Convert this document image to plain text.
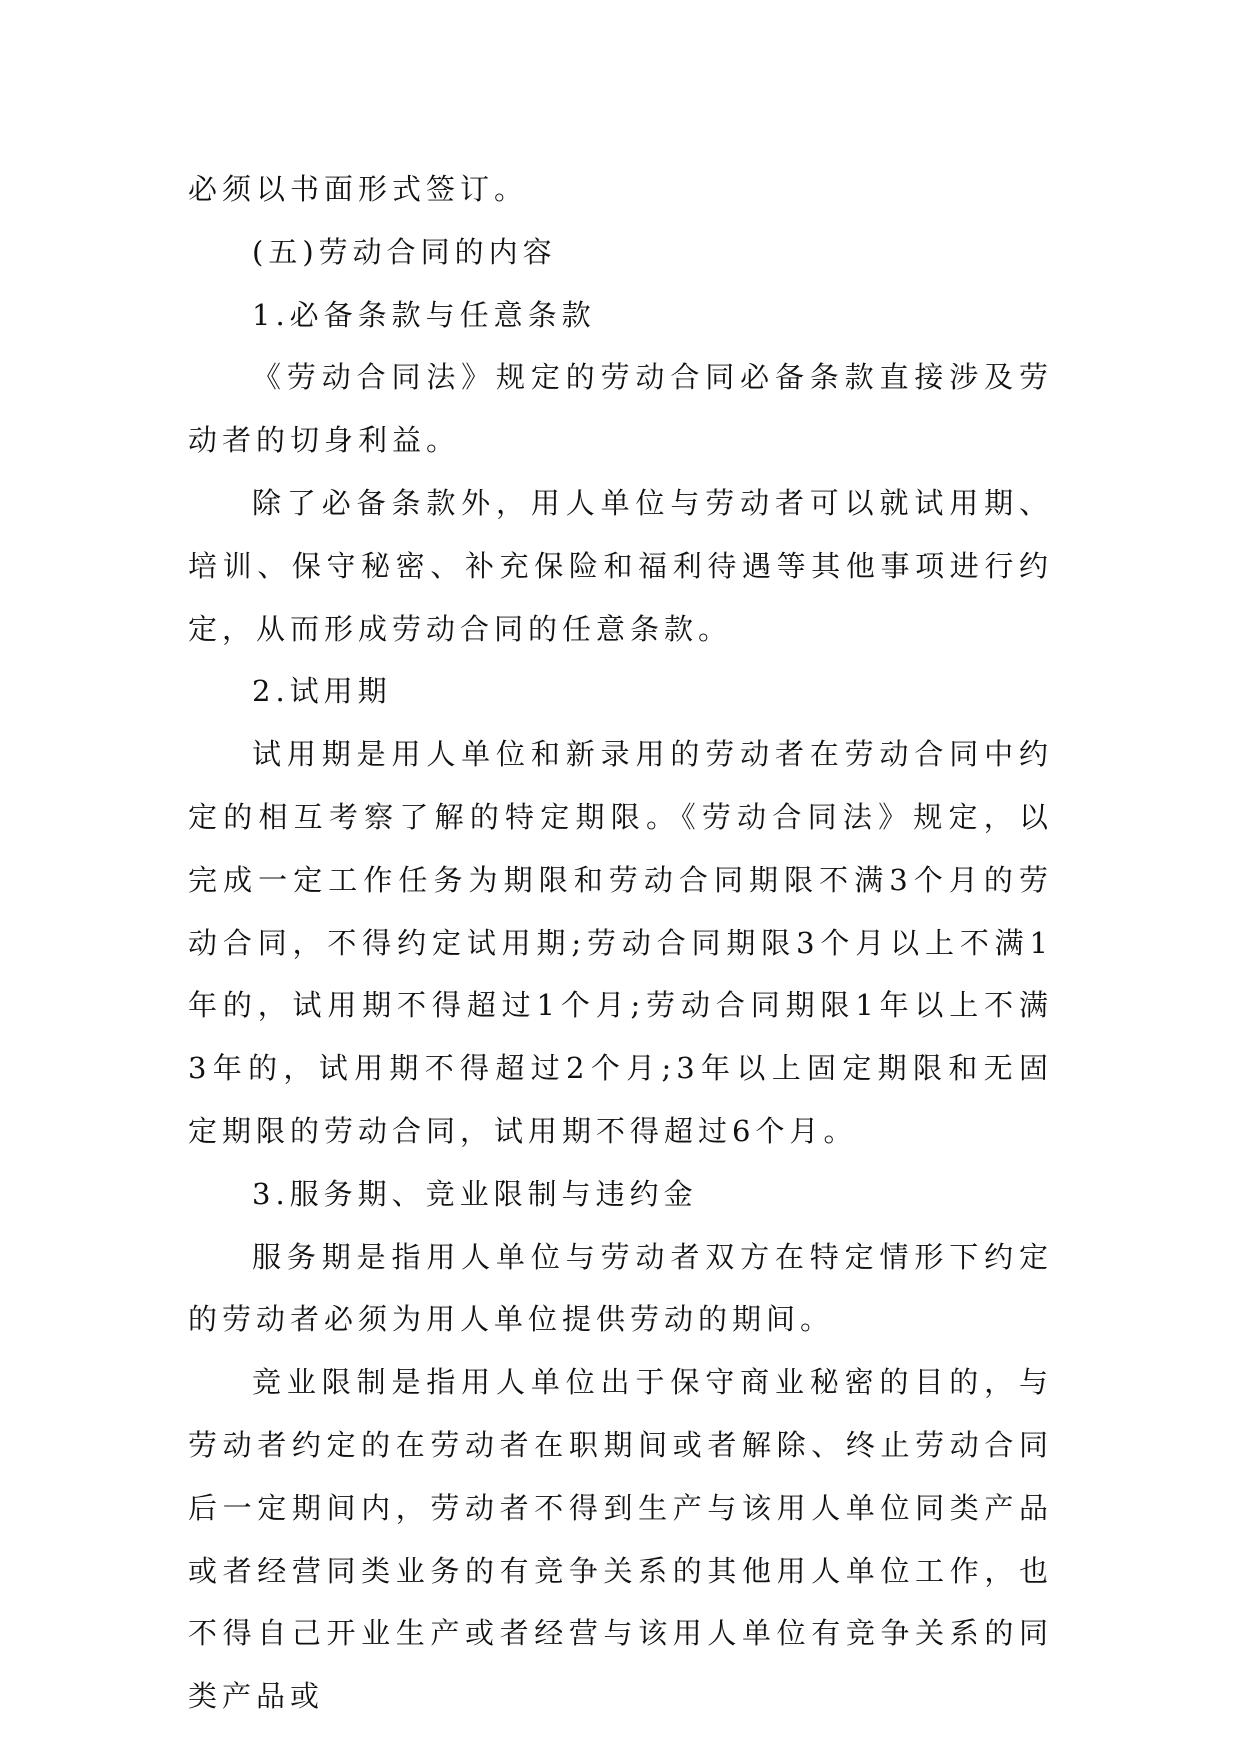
必须以书面形式签订。

(五)劳动合同的内容

1.必备条款与任意条款

《劳动合同法》规定的劳动合同必备条款直接涉及劳动者的切身利益。

除了必备条款外，用人单位与劳动者可以就试用期、培训、保守秘密、补充保险和福利待遇等其他事项进行约定，从而形成劳动合同的任意条款。

2.试用期

试用期是用人单位和新录用的劳动者在劳动合同中约定的相互考察了解的特定期限。《劳动合同法》规定，以完成一定工作任务为期限和劳动合同期限不满3个月的劳动合同，不得约定试用期;劳动合同期限3个月以上不满1年的，试用期不得超过1个月;劳动合同期限1年以上不满3年的，试用期不得超过2个月;3年以上固定期限和无固定期限的劳动合同，试用期不得超过6个月。

3.服务期、竞业限制与违约金

服务期是指用人单位与劳动者双方在特定情形下约定的劳动者必须为用人单位提供劳动的期间。

竞业限制是指用人单位出于保守商业秘密的目的，与劳动者约定的在劳动者在职期间或者解除、终止劳动合同后一定期间内，劳动者不得到生产与该用人单位同类产品或者经营同类业务的有竞争关系的其他用人单位工作，也不得自己开业生产或者经营与该用人单位有竞争关系的同类产品或
